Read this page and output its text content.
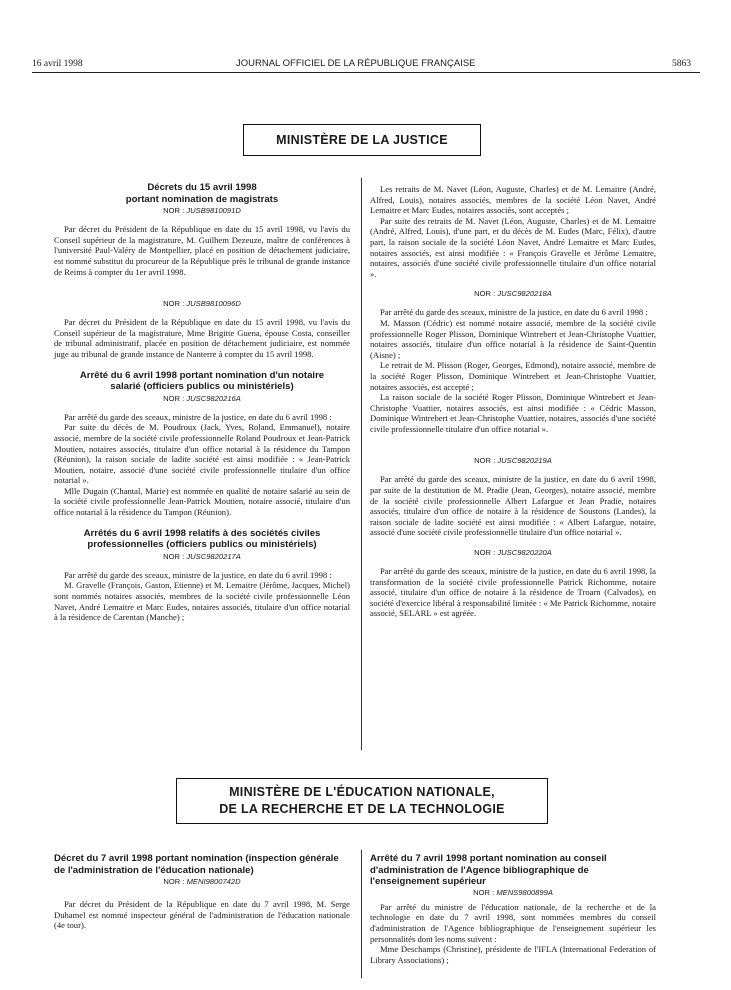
16 avril 1998	JOURNAL OFFICIEL DE LA RÉPUBLIQUE FRANÇAISE	5863
MINISTÈRE DE LA JUSTICE
Décrets du 15 avril 1998
portant nomination de magistrats
NOR : JUSB9810091D

Par décret du Président de la République en date du 15 avril 1998, vu l'avis du Conseil supérieur de la magistrature, M. Guilhem Dezeuze, maître de conférences à l'université Paul-Valéry de Montpellier, placé en position de détachement judiciaire, est nommé substitut du procureur de la République près le tribunal de grande instance de Reims à compter du 1er avril 1998.

NOR : JUSB9810096D

Par décret du Président de la République en date du 15 avril 1998, vu l'avis du Conseil supérieur de la magistrature, Mme Brigitte Guena, épouse Costa, conseiller de tribunal administratif, placée en position de détachement judiciaire, est nommée juge au tribunal de grande instance de Nanterre à compter du 15 avril 1998.

Arrêté du 6 avril 1998 portant nomination d'un notaire
salarié (officiers publics ou ministériels)
NOR : JUSC9820216A

Par arrêté du garde des sceaux, ministre de la justice, en date du 6 avril 1998 :

Par suite du décès de M. Poudroux (Jack, Yves, Roland, Emmanuel), notaire associé, membre de la société civile professionnelle Roland Poudroux et Jean-Patrick Moutien, notaires associés, titulaire d'un office notarial à la résidence du Tampon (Réunion), la raison sociale de ladite société est ainsi modifiée : « Jean-Patrick Moutien, notaire, associé d'une société civile professionnelle titulaire d'un office notarial ».

Mlle Dugain (Chantal, Marie) est nommée en qualité de notaire salarié au sein de la société civile professionnelle Jean-Patrick Moutien, notaire associé, titulaire d'un office notarial à la résidence du Tampon (Réunion).

Arrêtés du 6 avril 1998 relatifs à des sociétés civiles
professionnelles (officiers publics ou ministériels)
NOR : JUSC9820217A

Par arrêté du garde des sceaux, ministre de la justice, en date du 6 avril 1998 :

M. Gravelle (François, Gaston, Etienne) et M. Lemaitre (Jérôme, Jacques, Michel) sont nommés notaires associés, membres de la société civile professionnelle Léon Navet, André Lemaitre et Marc Eudes, notaires associés, titulaire d'un office notarial à la résidence de Carentan (Manche) ;

Les retraits de M. Navet (Léon, Auguste, Charles) et de M. Lemaitre (André, Alfred, Louis), notaires associés, membres de la société Léon Navet, André Lemaitre et Marc Eudes, notaires associés, sont acceptés ;

Par suite des retraits de M. Navet (Léon, Auguste, Charles) et de M. Lemaitre (André, Alfred, Louis), d'une part, et du décès de M. Eudes (Marc, Félix), d'autre part, la raison sociale de la société Léon Navet, André Lemaitre et Marc Eudes, notaires associés, est ainsi modifiée : « François Gravelle et Jérôme Lemaitre, notaires, associés d'une société civile professionnelle titulaire d'un office notarial ».

NOR : JUSC9820218A

Par arrêté du garde des sceaux, ministre de la justice, en date du 6 avril 1998 :

M. Masson (Cédric) est nommé notaire associé, membre de la société civile professionnelle Roger Plisson, Dominique Wintrebert et Jean-Christophe Vuattier, notaires associés, titulaire d'un office notarial à la résidence de Saint-Quentin (Aisne) ;

Le retrait de M. Plisson (Roger, Georges, Edmond), notaire associé, membre de la société Roger Plisson, Dominique Wintrebert et Jean-Christophe Vuattier, notaires associés, est accepté ;

La raison sociale de la société Roger Plisson, Dominique Wintrebert et Jean-Christophe Vuattier, notaires associés, est ainsi modifiée : « Cédric Masson, Dominique Wintrebert et Jean-Christophe Vuattier, notaires, associés d'une société civile professionnelle titulaire d'un office notarial ».

NOR : JUSC9820219A

Par arrêté du garde des sceaux, ministre de la justice, en date du 6 avril 1998, par suite de la destitution de M. Pradie (Jean, Georges), notaire associé, membre de la société civile professionnelle Albert Lafargue et Jean Pradie, notaires associés, titulaire d'un office de notaire à la résidence de Soustons (Landes), la raison sociale de ladite société est ainsi modifiée : « Albert Lafargue, notaire, associé d'une société civile professionnelle titulaire d'un office notarial ».

NOR : JUSC9820220A

Par arrêté du garde des sceaux, ministre de la justice, en date du 6 avril 1998, la transformation de la société civile professionnelle Patrick Richomme, notaire associé, titulaire d'un office de notaire à la résidence de Troarn (Calvados), en société d'exercice libéral à responsabilité limitée : « Me Patrick Richomme, notaire associé, SELARL » est agréée.

MINISTÈRE DE L'ÉDUCATION NATIONALE,
DE LA RECHERCHE ET DE LA TECHNOLOGIE
Décret du 7 avril 1998 portant nomination (inspection générale de l'administration de l'éducation nationale)
NOR : MENI9800742D

Par décret du Président de la République en date du 7 avril 1998, M. Serge Duhamel est nommé inspecteur général de l'administration de l'éducation nationale (4e tour).

Arrêté du 7 avril 1998 portant nomination au conseil d'administration de l'Agence bibliographique de l'enseignement supérieur
NOR : MENS9800899A

Par arrêté du ministre de l'éducation nationale, de la recherche et de la technologie en date du 7 avril 1998, sont nommées membres du conseil d'administration de l'Agence bibliographique de l'enseignement supérieur les personnalités dont les noms suivent :

Mme Deschamps (Christine), présidente de l'IFLA (International Federation of Library Associations) ;
